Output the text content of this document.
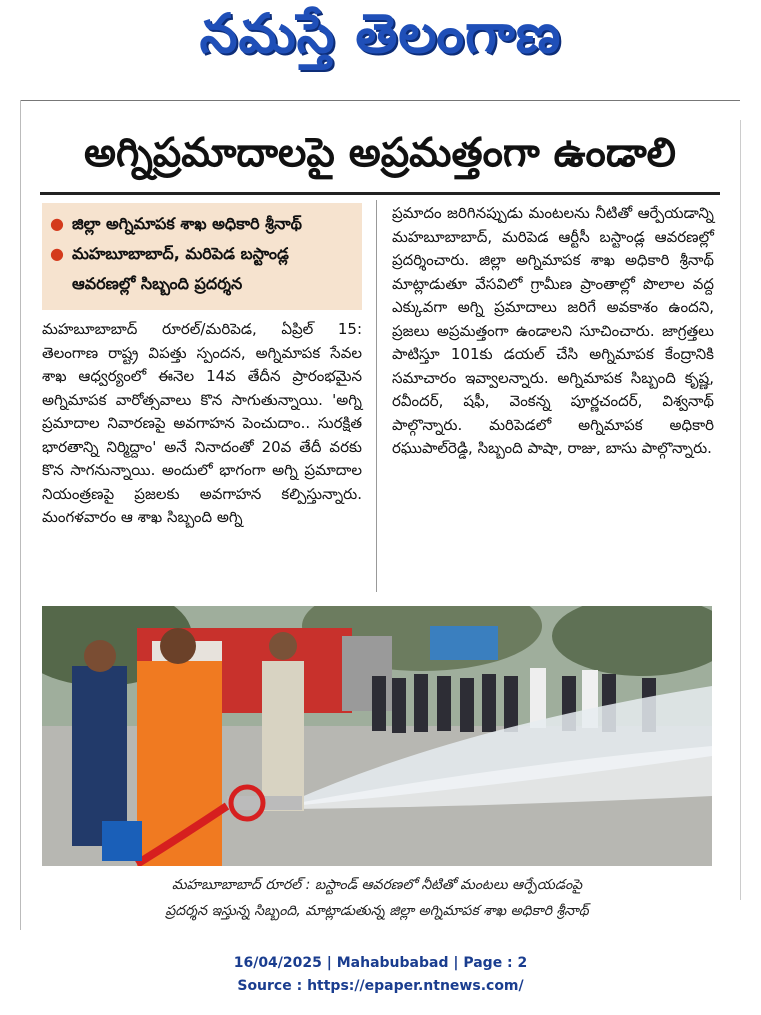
నమస్తే తెలంగాణ
అగ్నిప్రమాదాలపై అప్రమత్తంగా ఉండాలి
● జిల్లా అగ్నిమాపక శాఖ అధికారి శ్రీనాథ్
● మహబూబాబాద్, మరిపెడ బస్టాండ్ల ఆవరణల్లో సిబ్బంది ప్రదర్శన
మహబూబాబాద్ రూరల్/మరిపెడ, ఏప్రిల్ 15: తెలంగాణ రాష్ట్ర విపత్తు స్పందన, అగ్నిమాపక సేవల శాఖ ఆధ్వర్యంలో ఈనెల 14వ తేదీన ప్రారంభమైన అగ్నిమాపక వారోత్సవాలు కొన సాగుతున్నాయి. 'అగ్ని ప్రమాదాల నివారణపై అవగాహన పెంచుదాం.. సురక్షిత భారతాన్ని నిర్మిద్దాం' అనే నినాదంతో 20వ తేదీ వరకు కొన సాగనున్నాయి. అందులో భాగంగా అగ్ని ప్రమాదాల నియంత్రణపై ప్రజలకు అవగాహన కల్పిస్తున్నారు. మంగళవారం ఆ శాఖ సిబ్బంది అగ్ని
ప్రమాదం జరిగినప్పుడు మంటలను నీటితో ఆర్పేయడాన్ని మహబూబాబాద్, మరిపెడ ఆర్టీసీ బస్టాండ్ల ఆవరణల్లో ప్రదర్శించారు. జిల్లా అగ్నిమాపక శాఖ అధికారి శ్రీనాథ్ మాట్లాడుతూ వేసవిలో గ్రామీణ ప్రాంతాల్లో పొలాల వద్ద ఎక్కువగా అగ్ని ప్రమాదాలు జరిగే అవకాశం ఉందని, ప్రజలు అప్రమత్తంగా ఉండాలని సూచించారు. జాగ్రత్తలు పాటిస్తూ 101కు డయల్ చేసి అగ్నిమాపక కేంద్రానికి సమాచారం ఇవ్వాలన్నారు. అగ్నిమాపక సిబ్బంది కృష్ణ, రవీందర్, షఫీ, వెంకన్న పూర్ణచందర్, విశ్వనాథ్ పాల్గొన్నారు. మరిపెడలో అగ్నిమాపక అధికారి రఘుపాల్‌రెడ్డి, సిబ్బంది పాషా, రాజు, బాసు పాల్గొన్నారు.
మహబూబాబాద్ రూరల్ : బస్టాండ్ ఆవరణలో నీటితో మంటలు ఆర్పేయడంపై
ప్రదర్శన ఇస్తున్న సిబ్బంది, మాట్లాడుతున్న జిల్లా అగ్నిమాపక శాఖ అధికారి శ్రీనాథ్
16/04/2025 | Mahabubabad | Page : 2
Source : https://epaper.ntnews.com/
